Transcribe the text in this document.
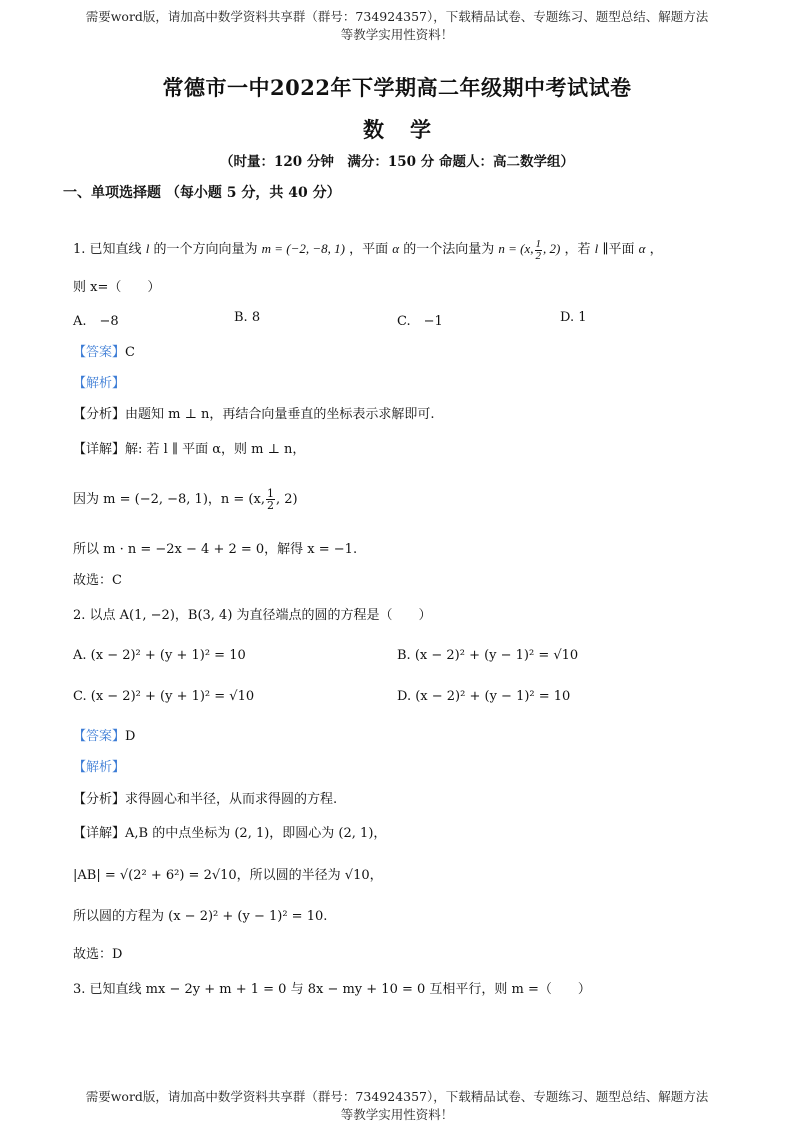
需要word版，请加高中数学资料共享群（群号：734924357），下载精品试卷、专题练习、题型总结、解题方法
等教学实用性资料！
常德市一中2022年下学期高二年级期中考试试卷
数学
（时量：120 分钟　满分：150 分 命题人：高二数学组）
一、单项选择题 （每小题 5 分，共 40 分）
1. 已知直线 l 的一个方向向量为 m = (−2, −8, 1) ，平面 α 的一个法向量为 n = (x, $\frac{1}{2}$ , 2) ，若 l ∥平面 α ，
则 x=（　　）
A.　−8	B. 8	C.　−1	D. 1
【答案】C
【解析】
【分析】由题知 m ⊥ n，再结合向量垂直的坐标表示求解即可.
【详解】解: 若 l ∥ 平面 α，则 m ⊥ n，
因为 m = (−2, −8, 1)，n = (x, $\frac{1}{2}$ , 2)
所以 m · n = −2x − 4 + 2 = 0，解得 x = −1.
故选：C
2. 以点 A(1, −2)，B(3, 4) 为直径端点的圆的方程是（　　）
A. (x − 2)² + (y + 1)² = 10	B. (x − 2)² + (y − 1)² = √10
C. (x − 2)² + (y + 1)² = √10	D. (x − 2)² + (y − 1)² = 10
【答案】D
【解析】
【分析】求得圆心和半径，从而求得圆的方程.
【详解】A,B 的中点坐标为 (2, 1)，即圆心为 (2, 1)，
|AB| = √(2² + 6²) = 2√10，所以圆的半径为 √10，
所以圆的方程为 (x − 2)² + (y − 1)² = 10.
故选：D
3. 已知直线 mx − 2y + m + 1 = 0 与 8x − my + 10 = 0 互相平行，则 m =（　　）
需要word版，请加高中数学资料共享群（群号：734924357），下载精品试卷、专题练习、题型总结、解题方法
等教学实用性资料！
